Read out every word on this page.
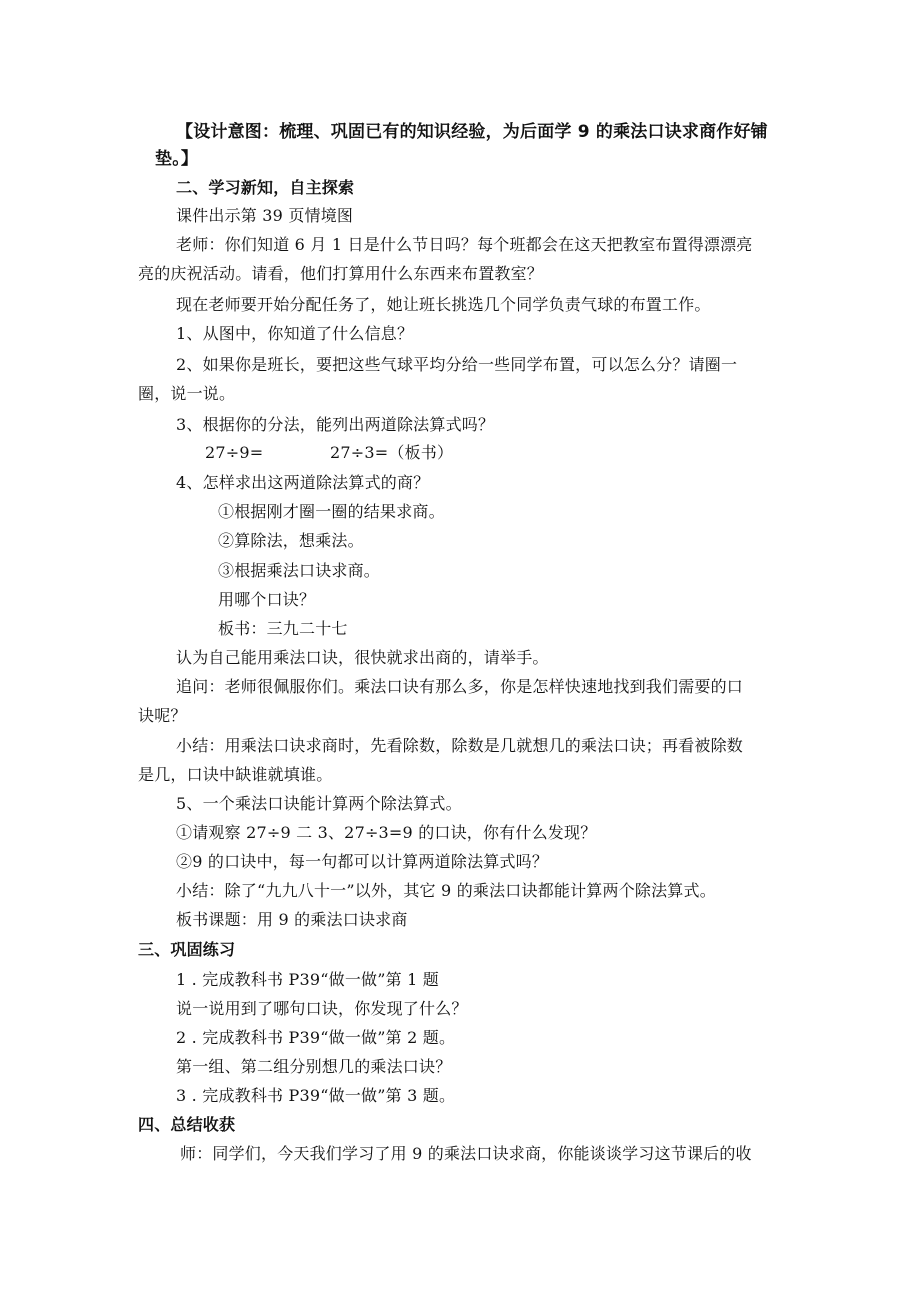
【设计意图：梳理、巩固已有的知识经验，为后面学 9 的乘法口诀求商作好铺
垫。】
二、学习新知，自主探索
课件出示第 39 页情境图
老师：你们知道 6 月 1 日是什么节日吗？每个班都会在这天把教室布置得漂漂亮
亮的庆祝活动。请看，他们打算用什么东西来布置教室？
现在老师要开始分配任务了，她让班长挑选几个同学负责气球的布置工作。
1、从图中，你知道了什么信息？
2、如果你是班长，要把这些气球平均分给一些同学布置，可以怎么分？请圈一
圈，说一说。
3、根据你的分法，能列出两道除法算式吗？
27÷9=	27÷3=（板书）
4、怎样求出这两道除法算式的商？
①根据刚才圈一圈的结果求商。
②算除法，想乘法。
③根据乘法口诀求商。
用哪个口诀？
板书：三九二十七
认为自己能用乘法口诀，很快就求出商的，请举手。
追问：老师很佩服你们。乘法口诀有那么多，你是怎样快速地找到我们需要的口
诀呢？
小结：用乘法口诀求商时，先看除数，除数是几就想几的乘法口诀；再看被除数
是几，口诀中缺谁就填谁。
5、一个乘法口诀能计算两个除法算式。
①请观察 27÷9 二 3、27÷3=9 的口诀，你有什么发现？
②9 的口诀中，每一句都可以计算两道除法算式吗？
小结：除了“九九八十一”以外，其它 9 的乘法口诀都能计算两个除法算式。
板书课题：用 9 的乘法口诀求商
三、巩固练习
1 . 完成教科书 P39“做一做”第 1 题
说一说用到了哪句口诀，你发现了什么？
2 . 完成教科书 P39“做一做”第 2 题。
第一组、第二组分别想几的乘法口诀？
3 . 完成教科书 P39“做一做”第 3 题。
四、总结收获
师：同学们，今天我们学习了用 9 的乘法口诀求商，你能谈谈学习这节课后的收
